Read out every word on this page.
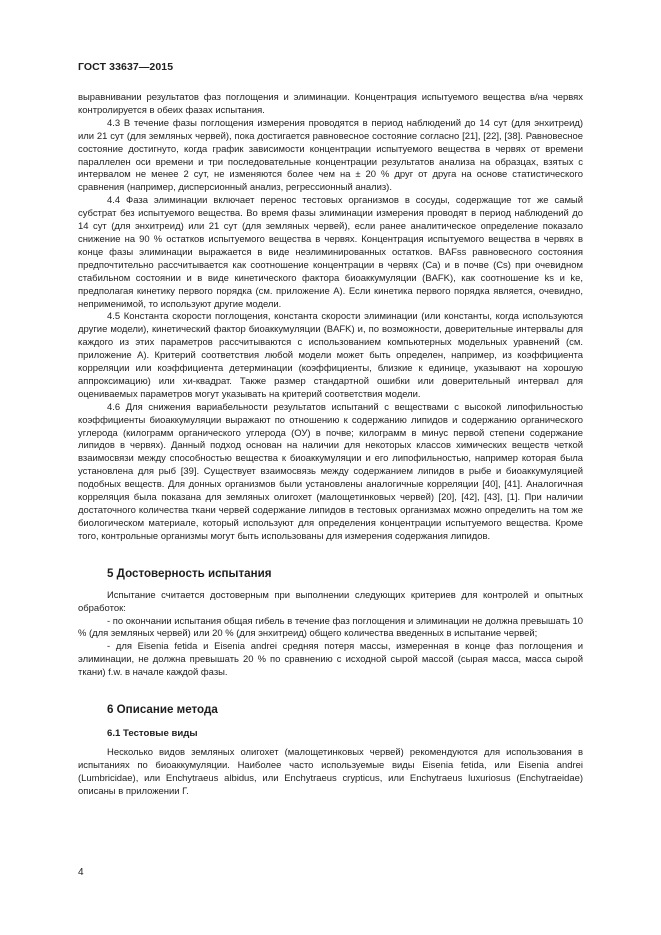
ГОСТ 33637—2015

выравнивании результатов фаз поглощения и элиминации. Концентрация испытуемого вещества в/на червях контролируется в обеих фазах испытания.

4.3 В течение фазы поглощения измерения проводятся в период наблюдений до 14 сут (для энхитреид) или 21 сут (для земляных червей), пока достигается равновесное состояние согласно [21], [22], [38]. Равновесное состояние достигнуто, когда график зависимости концентрации испытуемого вещества в червях от времени параллелен оси времени и три последовательные концентрации результатов анализа на образцах, взятых с интервалом не менее 2 сут, не изменяются более чем на ± 20 % друг от друга на основе статистического сравнения (например, дисперсионный анализ, регрессионный анализ).

4.4 Фаза элиминации включает перенос тестовых организмов в сосуды, содержащие тот же самый субстрат без испытуемого вещества. Во время фазы элиминации измерения проводят в период наблюдений до 14 сут (для энхитреид) или 21 сут (для земляных червей), если ранее аналитическое определение показало снижение на 90 % остатков испытуемого вещества в червях. Концентрация испытуемого вещества в червях в конце фазы элиминации выражается в виде неэлиминированных остатков. BAFss равновесного состояния предпочтительно рассчитывается как соотношение концентрации в червях (Ca) и в почве (Cs) при очевидном стабильном состоянии и в виде кинетического фактора биоаккумуляции (BAFK), как соотношение ks и ke, предполагая кинетику первого порядка (см. приложение А). Если кинетика первого порядка является, очевидно, неприменимой, то используют другие модели.

4.5 Константа скорости поглощения, константа скорости элиминации (или константы, когда используются другие модели), кинетический фактор биоаккумуляции (BAFK) и, по возможности, доверительные интервалы для каждого из этих параметров рассчитываются с использованием компьютерных модельных уравнений (см. приложение А). Критерий соответствия любой модели может быть определен, например, из коэффициента корреляции или коэффициента детерминации (коэффициенты, близкие к единице, указывают на хорошую аппроксимацию) или хи-квадрат. Также размер стандартной ошибки или доверительный интервал для оцениваемых параметров могут указывать на критерий соответствия модели.

4.6 Для снижения вариабельности результатов испытаний с веществами с высокой липофильностью коэффициенты биоаккумуляции выражают по отношению к содержанию липидов и содержанию органического углерода (килограмм органического углерода (ОУ) в почве; килограмм в минус первой степени содержание липидов в червях). Данный подход основан на наличии для некоторых классов химических веществ четкой взаимосвязи между способностью вещества к биоаккумуляции и его липофильностью, например которая была установлена для рыб [39]. Существует взаимосвязь между содержанием липидов в рыбе и биоаккумуляцией подобных веществ. Для донных организмов были установлены аналогичные корреляции [40], [41]. Аналогичная корреляция была показана для земляных олигохет (малощетинковых червей) [20], [42], [43], [1]. При наличии достаточного количества ткани червей содержание липидов в тестовых организмах можно определить на том же биологическом материале, который используют для определения концентрации испытуемого вещества. Кроме того, контрольные организмы могут быть использованы для измерения содержания липидов.

5 Достоверность испытания

Испытание считается достоверным при выполнении следующих критериев для контролей и опытных обработок:

- по окончании испытания общая гибель в течение фаз поглощения и элиминации не должна превышать 10 % (для земляных червей) или 20 % (для энхитреид) общего количества введенных в испытание червей;

- для Eisenia fetida и Eisenia andrei средняя потеря массы, измеренная в конце фаз поглощения и элиминации, не должна превышать 20 % по сравнению с исходной сырой массой (сырая масса, масса сырой ткани) f.w. в начале каждой фазы.

6 Описание метода
6.1 Тестовые виды

Несколько видов земляных олигохет (малощетинковых червей) рекомендуются для использования в испытаниях по биоаккумуляции. Наиболее часто используемые виды Eisenia fetida, или Eisenia andrei (Lumbricidae), или Enchytraeus albidus, или Enchytraeus crypticus, или Enchytraeus luxuriosus (Enchytraeidae) описаны в приложении Г.

4
